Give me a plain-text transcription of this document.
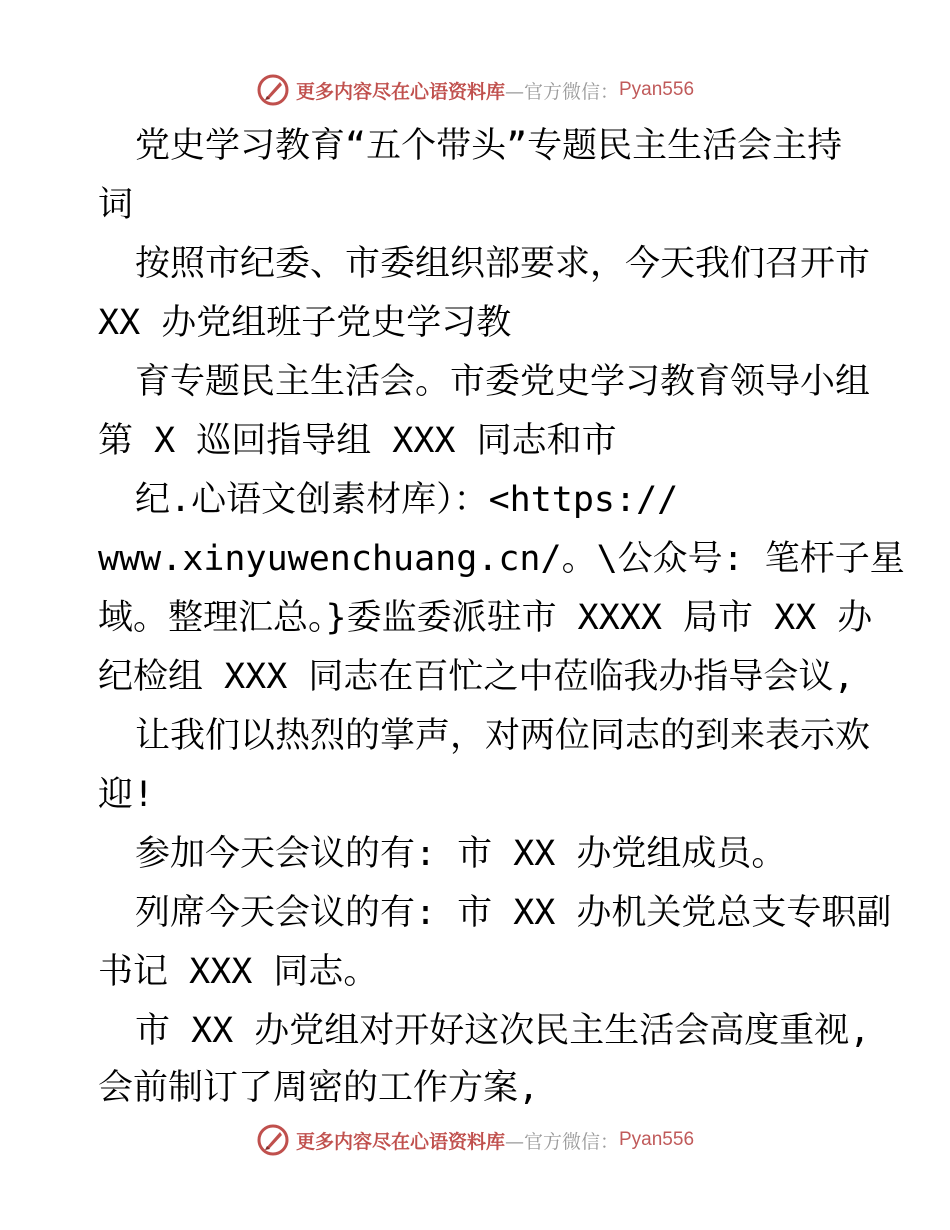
更多内容尽在心语资料库 —官方微信： Pyan556

党史学习教育“五个带头”专题民主生活会主持

词

按照市纪委、市委组织部要求，今天我们召开市

XX 办党组班子党史学习教

育专题民主生活会。市委党史学习教育领导小组

第 X 巡回指导组 XXX 同志和市

纪.心语文创素材库）：<https://

www.xinyuwenchuang.cn/。\公众号: 笔杆子星

域。整理汇总。}委监委派驻市 XXXX 局市 XX 办

纪检组 XXX 同志在百忙之中莅临我办指导会议,

让我们以热烈的掌声，对两位同志的到来表示欢

迎!

参加今天会议的有: 市 XX 办党组成员。

列席今天会议的有: 市 XX 办机关党总支专职副

书记 XXX 同志。

市 XX 办党组对开好这次民主生活会高度重视,

会前制订了周密的工作方案,

更多内容尽在心语资料库 —官方微信： Pyan556
